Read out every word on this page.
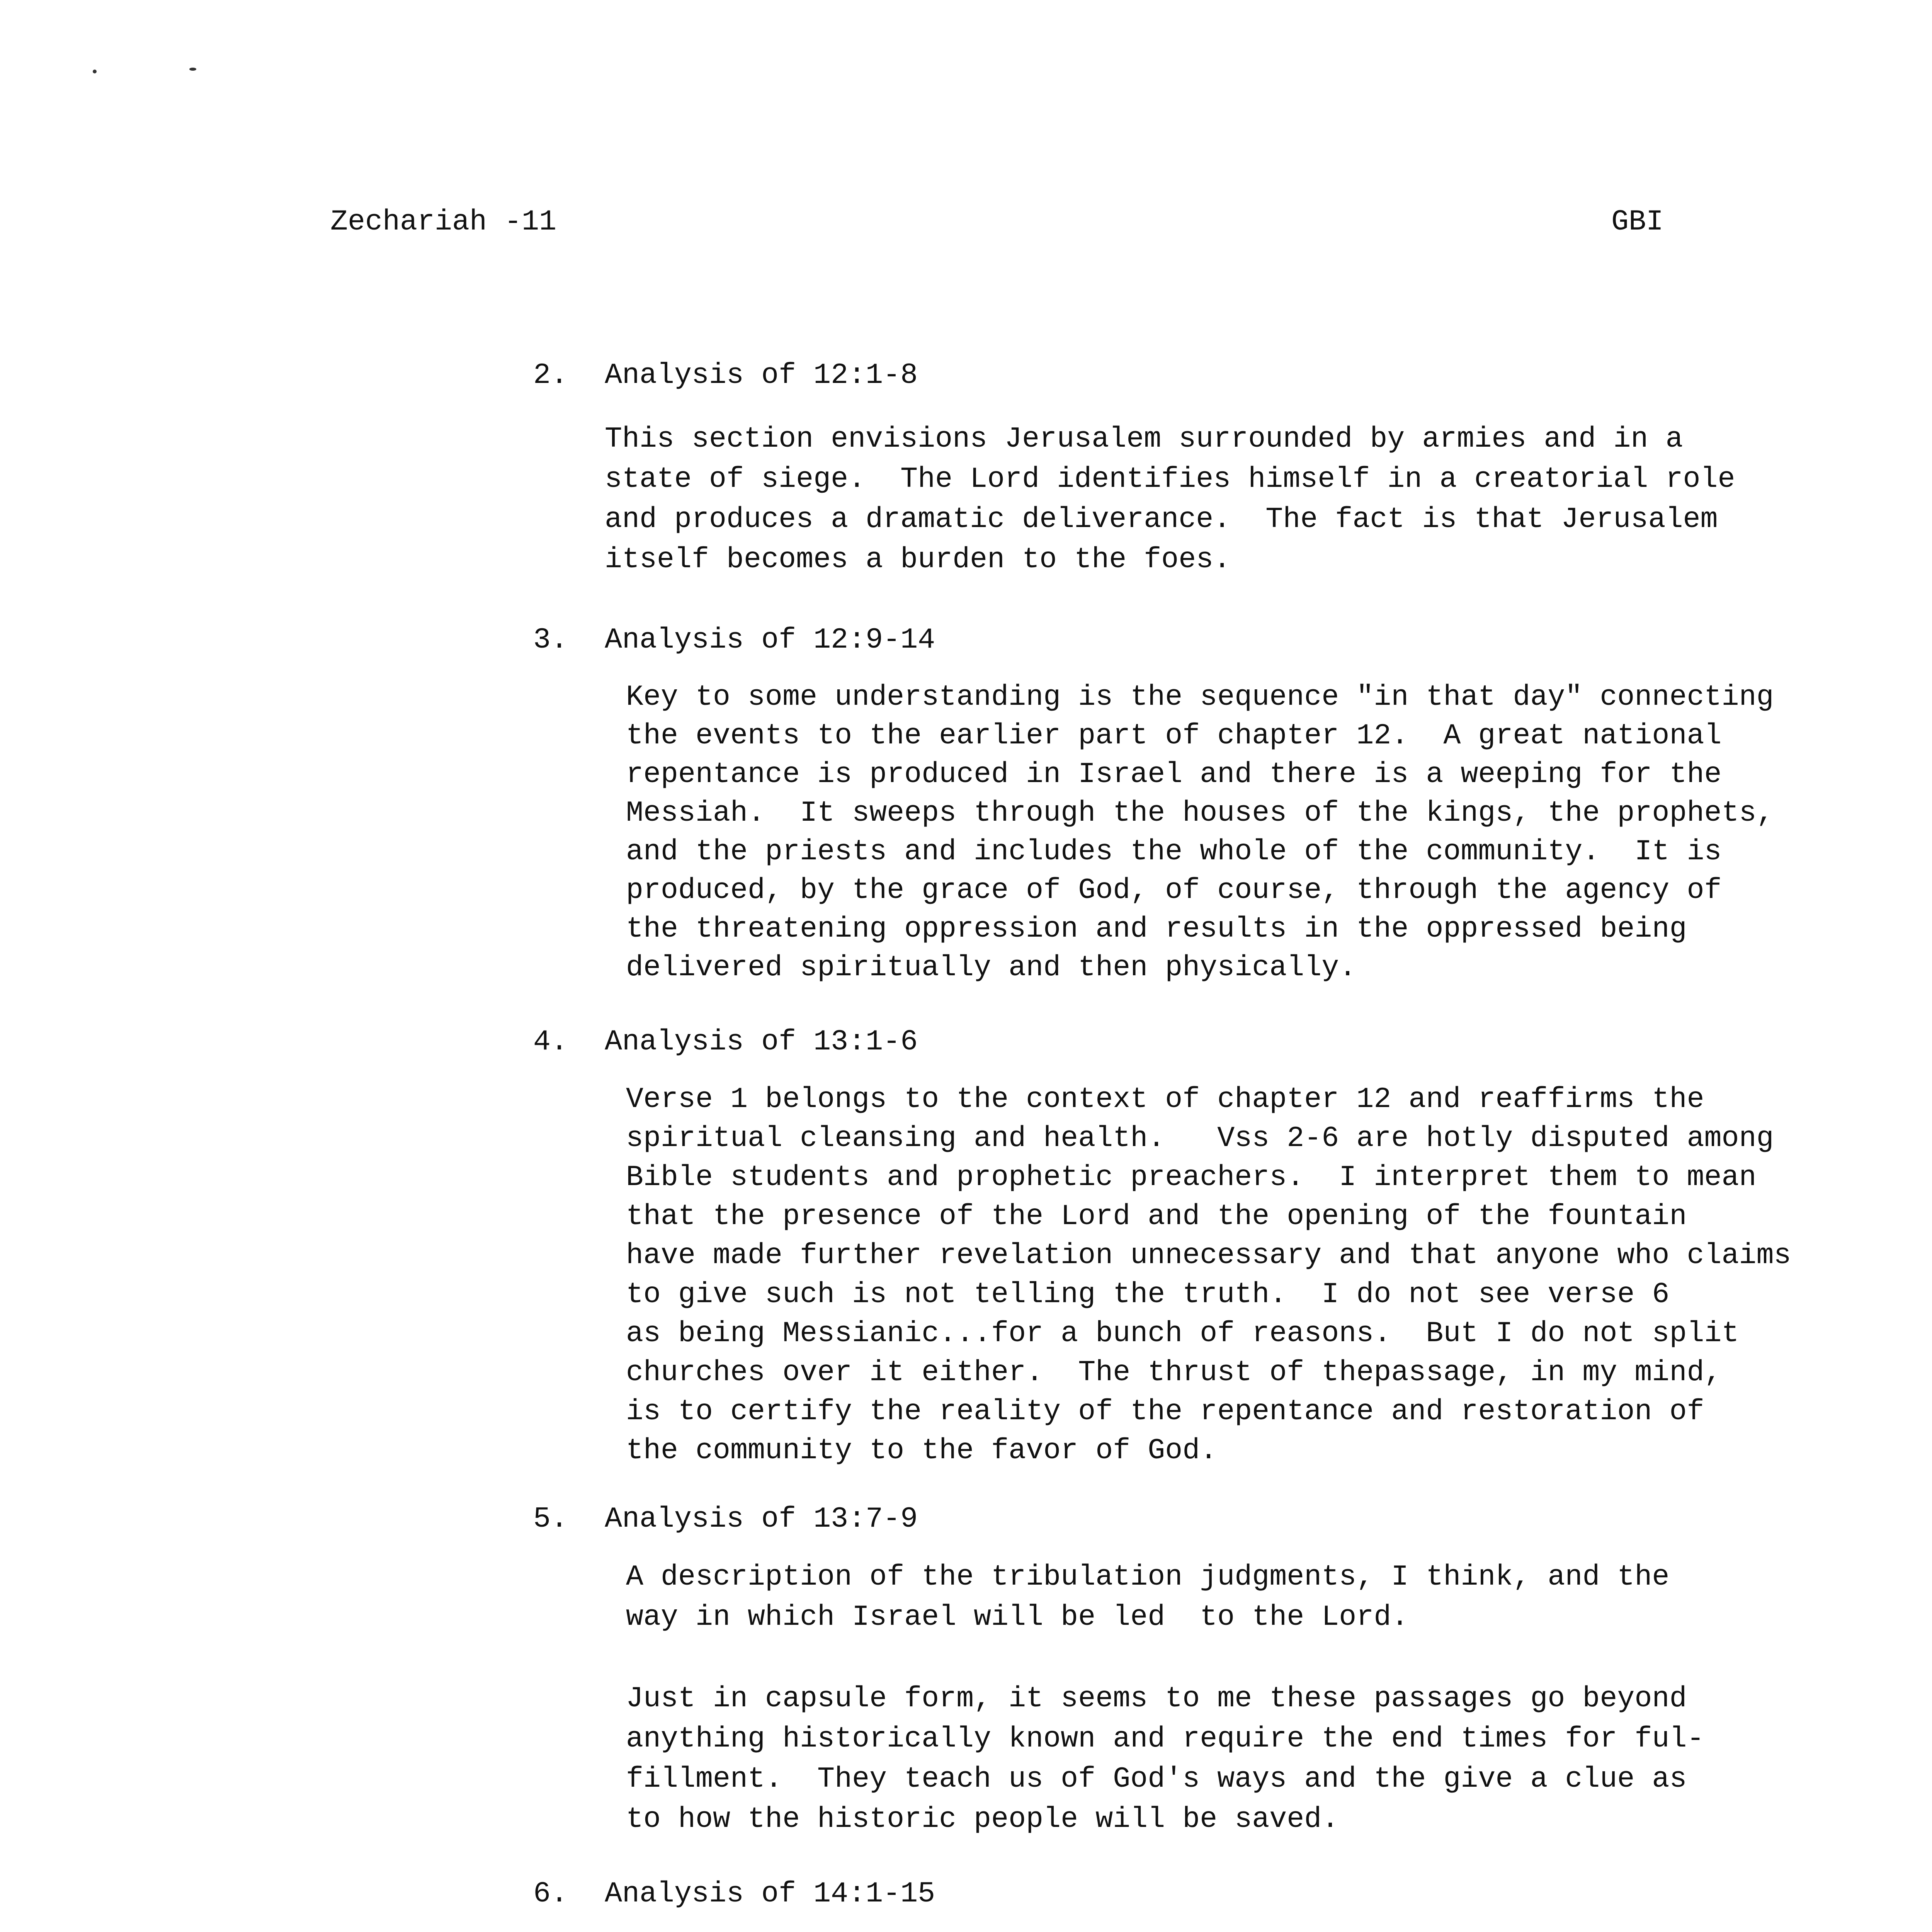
Zechariah -11	GBI
2. Analysis of 12:1-8
This section envisions Jerusalem surrounded by armies and in a
state of siege.  The Lord identifies himself in a creatorial role
and produces a dramatic deliverance.  The fact is that Jerusalem
itself becomes a burden to the foes.
3. Analysis of 12:9-14
Key to some understanding is the sequence "in that day" connecting
the events to the earlier part of chapter 12.  A great national
repentance is produced in Israel and there is a weeping for the
Messiah.  It sweeps through the houses of the kings, the prophets,
and the priests and includes the whole of the community.  It is
produced, by the grace of God, of course, through the agency of
the threatening oppression and results in the oppressed being
delivered spiritually and then physically.
4. Analysis of 13:1-6
Verse 1 belongs to the context of chapter 12 and reaffirms the
spiritual cleansing and health.   Vss 2-6 are hotly disputed among
Bible students and prophetic preachers.  I interpret them to mean
that the presence of the Lord and the opening of the fountain
have made further revelation unnecessary and that anyone who claims
to give such is not telling the truth.  I do not see verse 6
as being Messianic...for a bunch of reasons.  But I do not split
churches over it either.  The thrust of thepassage, in my mind,
is to certify the reality of the repentance and restoration of
the community to the favor of God.
5. Analysis of 13:7-9
A description of the tribulation judgments, I think, and the
way in which Israel will be led  to the Lord.
Just in capsule form, it seems to me these passages go beyond
anything historically known and require the end times for ful-
fillment.  They teach us of God's ways and the give a clue as
to how the historic people will be saved.
6. Analysis of 14:1-15
